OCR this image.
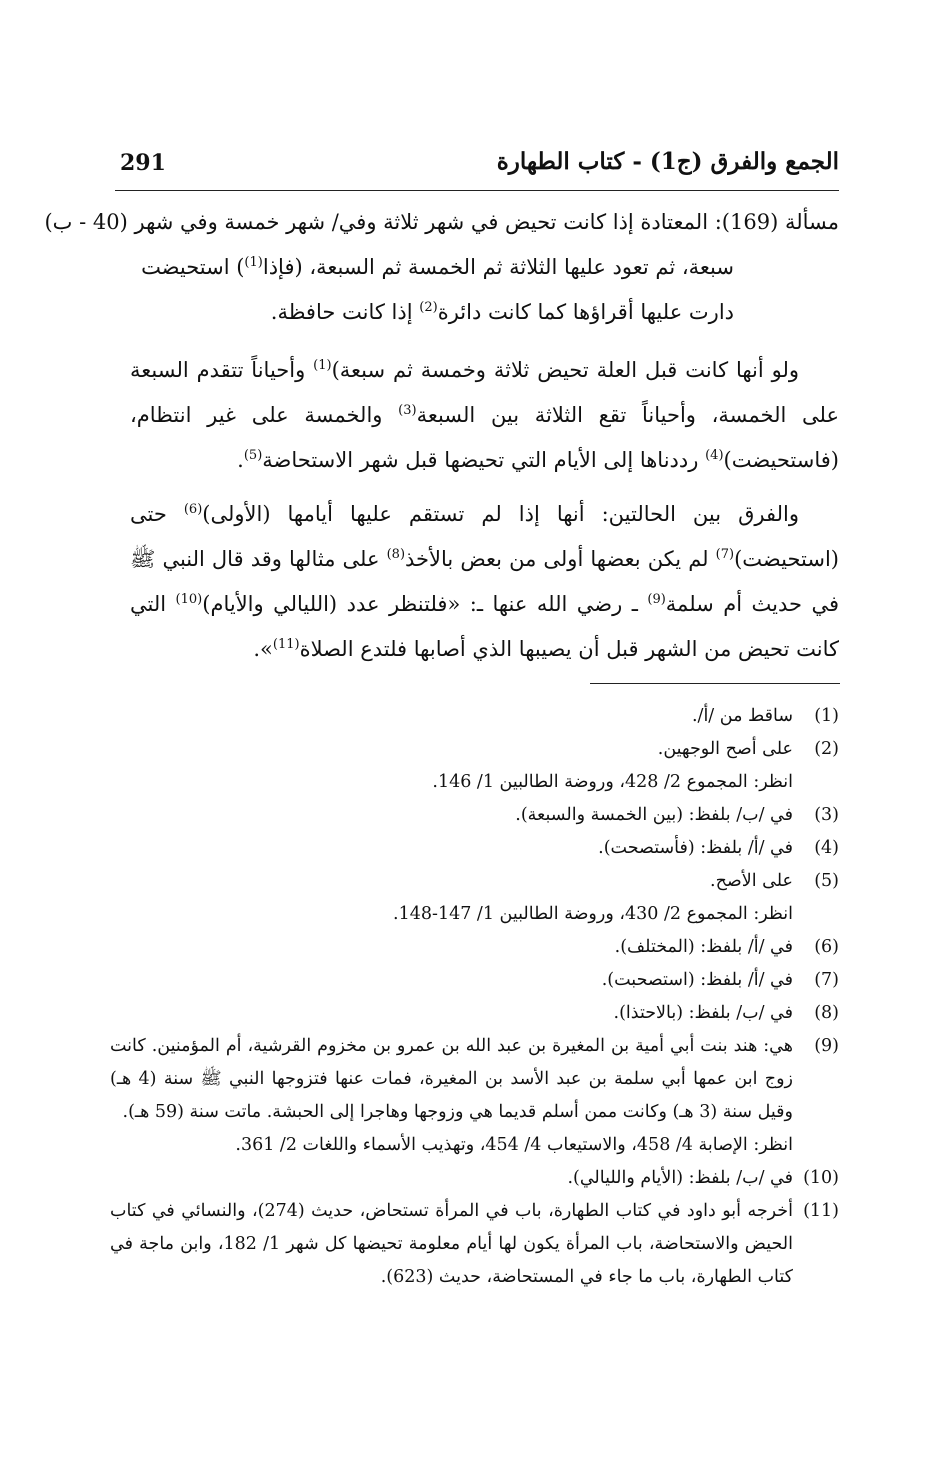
الجمع والفرق (ج1) - كتاب الطهارة
291
مسألة (169): المعتادة إذا كانت تحيض في شهر ثلاثة وفي/ شهر خمسة وفي شهر (40 - ب)
سبعة، ثم تعود عليها الثلاثة ثم الخمسة ثم السبعة، (فإذا$^{(1)}$) استحيضت
دارت عليها أقراؤها كما كانت دائرة$^{(2)}$ إذا كانت حافظة.
ولو أنها كانت قبل العلة تحيض ثلاثة وخمسة ثم سبعة)$^{(1)}$ وأحياناً تتقدم السبعة على الخمسة، وأحياناً تقع الثلاثة بين السبعة$^{(3)}$ والخمسة على غير انتظام، (فاستحيضت)$^{(4)}$ رددناها إلى الأيام التي تحيضها قبل شهر الاستحاضة$^{(5)}$.
والفرق بين الحالتين: أنها إذا لم تستقم عليها أيامها (الأولى)$^{(6)}$ حتى (استحيضت)$^{(7)}$ لم يكن بعضها أولى من بعض بالأخذ$^{(8)}$ على مثالها وقد قال النبي ﷺ في حديث أم سلمة$^{(9)}$ ـ رضي الله عنها ـ: «فلتنظر عدد (الليالي والأيام)$^{(10)}$ التي كانت تحيض من الشهر قبل أن يصيبها الذي أصابها فلتدع الصلاة$^{(11)}$».
(1)
ساقط من /أ/.
(2)
على أصح الوجهين.
انظر: المجموع 2/ 428، وروضة الطالبين 1/ 146.
(3)
في /ب/ بلفظ: (بين الخمسة والسبعة).
(4)
في /أ/ بلفظ: (فأستصحت).
(5)
على الأصح.
انظر: المجموع 2/ 430، وروضة الطالبين 1/ 147-148.
(6)
في /أ/ بلفظ: (المختلف).
(7)
في /أ/ بلفظ: (استصحبت).
(8)
في /ب/ بلفظ: (بالاحتذا).
(9)
هي: هند بنت أبي أمية بن المغيرة بن عبد الله بن عمرو بن مخزوم القرشية، أم المؤمنين. كانت زوج ابن عمها أبي سلمة بن عبد الأسد بن المغيرة، فمات عنها فتزوجها النبي ﷺ سنة (4 هـ) وقيل سنة (3 هـ) وكانت ممن أسلم قديما هي وزوجها وهاجرا إلى الحبشة. ماتت سنة (59 هـ).
انظر: الإصابة 4/ 458، والاستيعاب 4/ 454، وتهذيب الأسماء واللغات 2/ 361.
(10)
في /ب/ بلفظ: (الأيام والليالي).
(11)
أخرجه أبو داود في كتاب الطهارة، باب في المرأة تستحاض، حديث (274)، والنسائي في كتاب الحيض والاستحاضة، باب المرأة يكون لها أيام معلومة تحيضها كل شهر 1/ 182، وابن ماجة في كتاب الطهارة، باب ما جاء في المستحاضة، حديث (623).
